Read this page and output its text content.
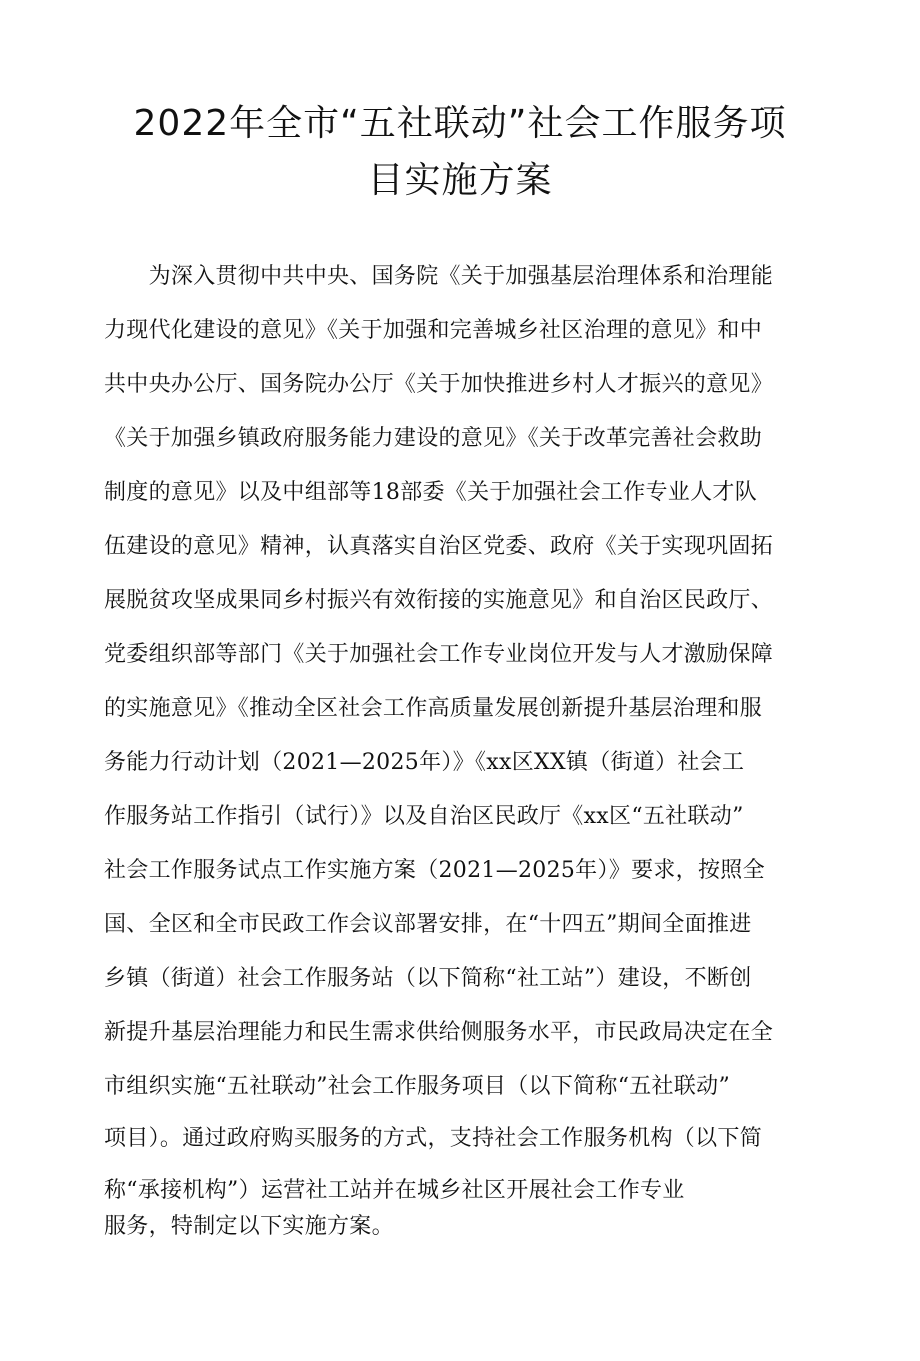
2022年全市“五社联动”社会工作服务项
目实施方案

　　为深入贯彻中共中央、国务院《关于加强基层治理体系和治理能

力现代化建设的意见》《关于加强和完善城乡社区治理的意见》和中

共中央办公厅、国务院办公厅《关于加快推进乡村人才振兴的意见》

《关于加强乡镇政府服务能力建设的意见》《关于改革完善社会救助

制度的意见》以及中组部等18部委《关于加强社会工作专业人才队

伍建设的意见》精神，认真落实自治区党委、政府《关于实现巩固拓

展脱贫攻坚成果同乡村振兴有效衔接的实施意见》和自治区民政厅、

党委组织部等部门《关于加强社会工作专业岗位开发与人才激励保障

的实施意见》《推动全区社会工作高质量发展创新提升基层治理和服

务能力行动计划（2021—2025年）》《xx区XX镇（街道）社会工

作服务站工作指引（试行）》以及自治区民政厅《xx区“五社联动”

社会工作服务试点工作实施方案（2021—2025年）》要求，按照全

国、全区和全市民政工作会议部署安排，在“十四五”期间全面推进

乡镇（街道）社会工作服务站（以下简称“社工站”）建设，不断创

新提升基层治理能力和民生需求供给侧服务水平，市民政局决定在全

市组织实施“五社联动”社会工作服务项目（以下简称“五社联动”

项目）。通过政府购买服务的方式，支持社会工作服务机构（以下简

称“承接机构”）运营社工站并在城乡社区开展社会工作专业

服务，特制定以下实施方案。
